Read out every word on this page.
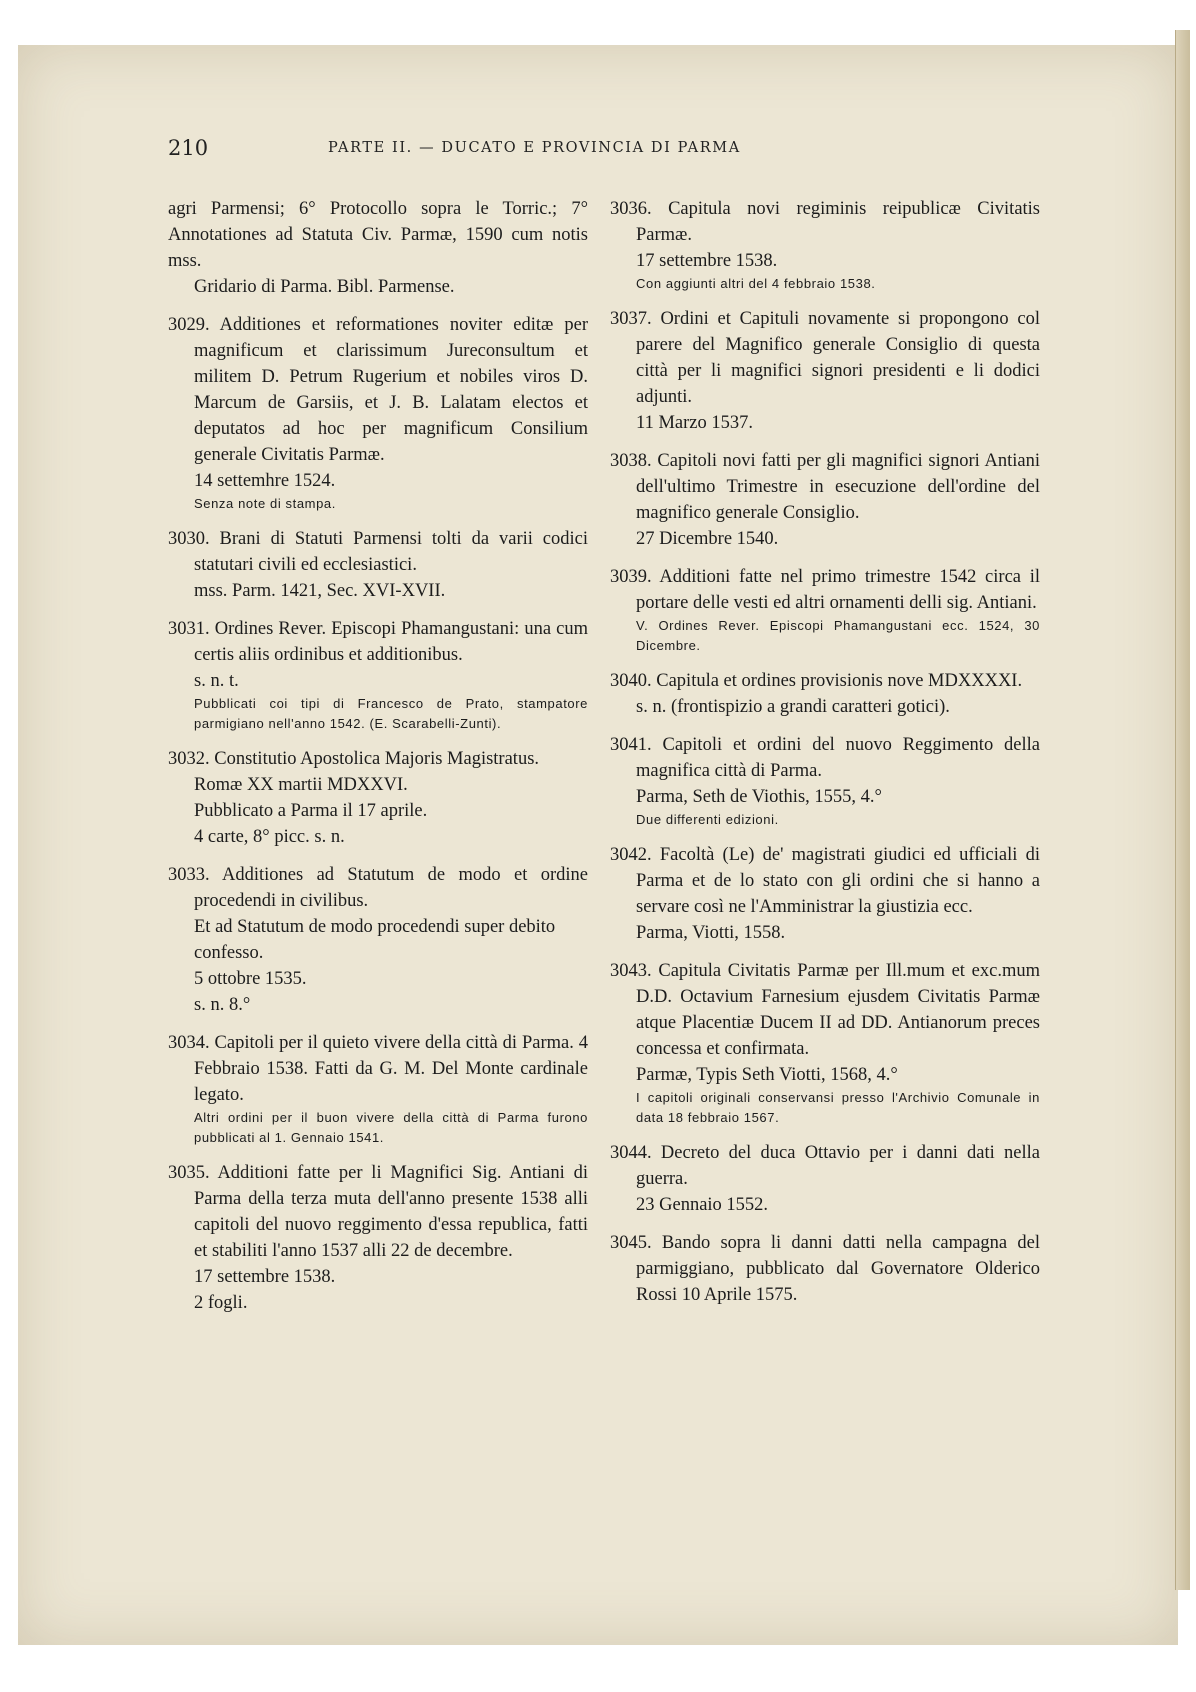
210	PARTE II. — DUCATO E PROVINCIA DI PARMA
agri Parmensi; 6° Protocollo sopra le Torric.; 7° Annotationes ad Statuta Civ. Parmæ, 1590 cum notis mss.
Gridario di Parma. Bibl. Parmense.
3029. Additiones et reformationes noviter editæ per magnificum et clarissimum Jureconsultum et militem D. Petrum Rugerium et nobiles viros D. Marcum de Garsiis, et J. B. Lalatam electos et deputatos ad hoc per magnificum Consilium generale Civitatis Parmæ.
14 settemhre 1524.
Senza note di stampa.
3030. Brani di Statuti Parmensi tolti da varii codici statutari civili ed ecclesiastici.
mss. Parm. 1421, Sec. XVI-XVII.
3031. Ordines Rever. Episcopi Phamangustani: una cum certis aliis ordinibus et additionibus.
s. n. t.
Pubblicati coi tipi di Francesco de Prato, stampatore parmigiano nell'anno 1542. (E. Scarabelli-Zunti).
3032. Constitutio Apostolica Majoris Magistratus.
Romæ XX martii MDXXVI.
Pubblicato a Parma il 17 aprile.
4 carte, 8° picc. s. n.
3033. Additiones ad Statutum de modo et ordine procedendi in civilibus.
Et ad Statutum de modo procedendi super debito confesso.
5 ottobre 1535.
s. n. 8.°
3034. Capitoli per il quieto vivere della città di Parma. 4 Febbraio 1538. Fatti da G. M. Del Monte cardinale legato.
Altri ordini per il buon vivere della città di Parma furono pubblicati al 1. Gennaio 1541.
3035. Additioni fatte per li Magnifici Sig. Antiani di Parma della terza muta dell'anno presente 1538 alli capitoli del nuovo reggimento d'essa republica, fatti et stabiliti l'anno 1537 alli 22 de decembre.
17 settembre 1538.
2 fogli.
3036. Capitula novi regiminis reipublicæ Civitatis Parmæ.
17 settembre 1538.
Con aggiunti altri del 4 febbraio 1538.
3037. Ordini et Capituli novamente si propongono col parere del Magnifico generale Consiglio di questa città per li magnifici signori presidenti e li dodici adjunti.
11 Marzo 1537.
3038. Capitoli novi fatti per gli magnifici signori Antiani dell'ultimo Trimestre in esecuzione dell'ordine del magnifico generale Consiglio.
27 Dicembre 1540.
3039. Additioni fatte nel primo trimestre 1542 circa il portare delle vesti ed altri ornamenti delli sig. Antiani.
V. Ordines Rever. Episcopi Phamangustani ecc. 1524, 30 Dicembre.
3040. Capitula et ordines provisionis nove MDXXXXI.
s. n. (frontispizio a grandi caratteri gotici).
3041. Capitoli et ordini del nuovo Reggimento della magnifica città di Parma.
Parma, Seth de Viothis, 1555, 4.°
Due differenti edizioni.
3042. Facoltà (Le) de' magistrati giudici ed ufficiali di Parma et de lo stato con gli ordini che si hanno a servare così ne l'Amministrar la giustizia ecc.
Parma, Viotti, 1558.
3043. Capitula Civitatis Parmæ per Ill.mum et exc.mum D.D. Octavium Farnesium ejusdem Civitatis Parmæ atque Placentiæ Ducem II ad DD. Antianorum preces concessa et confirmata.
Parmæ, Typis Seth Viotti, 1568, 4.°
I capitoli originali conservansi presso l'Archivio Comunale in data 18 febbraio 1567.
3044. Decreto del duca Ottavio per i danni dati nella guerra.
23 Gennaio 1552.
3045. Bando sopra li danni datti nella campagna del parmiggiano, pubblicato dal Governatore Olderico Rossi 10 Aprile 1575.
